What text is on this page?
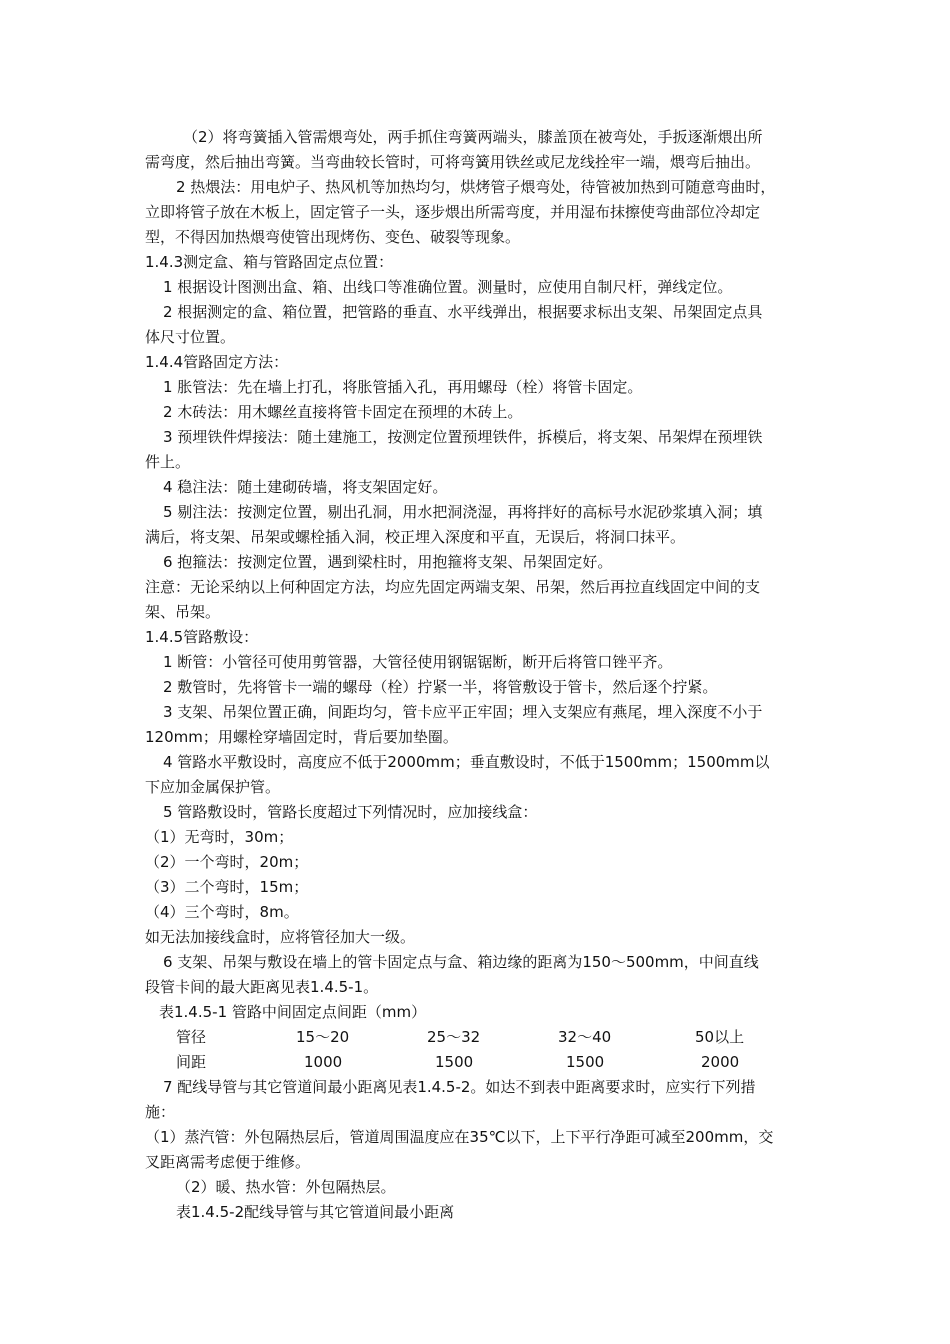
（2）将弯簧插入管需煨弯处，两手抓住弯簧两端头，膝盖顶在被弯处，手扳逐渐煨出所
需弯度，然后抽出弯簧。当弯曲较长管时，可将弯簧用铁丝或尼龙线拴牢一端，煨弯后抽出。
2 热煨法：用电炉子、热风机等加热均匀，烘烤管子煨弯处，待管被加热到可随意弯曲时，
立即将管子放在木板上，固定管子一头，逐步煨出所需弯度，并用湿布抹擦使弯曲部位冷却定
型，不得因加热煨弯使管出现烤伤、变色、破裂等现象。
1.4.3测定盒、箱与管路固定点位置：
1 根据设计图测出盒、箱、出线口等准确位置。测量时，应使用自制尺杆，弹线定位。
2 根据测定的盒、箱位置，把管路的垂直、水平线弹出，根据要求标出支架、吊架固定点具
体尺寸位置。
1.4.4管路固定方法：
1 胀管法：先在墙上打孔，将胀管插入孔，再用螺母（栓）将管卡固定。
2 木砖法：用木螺丝直接将管卡固定在预埋的木砖上。
3 预埋铁件焊接法：随土建施工，按测定位置预埋铁件，拆模后，将支架、吊架焊在预埋铁
件上。
4 稳注法：随土建砌砖墙，将支架固定好。
5 剔注法：按测定位置，剔出孔洞，用水把洞浇湿，再将拌好的高标号水泥砂浆填入洞；填
满后，将支架、吊架或螺栓插入洞，校正埋入深度和平直，无误后，将洞口抹平。
6 抱箍法：按测定位置，遇到梁柱时，用抱箍将支架、吊架固定好。
注意：无论采纳以上何种固定方法，均应先固定两端支架、吊架，然后再拉直线固定中间的支
架、吊架。
1.4.5管路敷设：
1 断管：小管径可使用剪管器，大管径使用钢锯锯断，断开后将管口锉平齐。
2 敷管时，先将管卡一端的螺母（栓）拧紧一半，将管敷设于管卡，然后逐个拧紧。
3 支架、吊架位置正确，间距均匀，管卡应平正牢固；埋入支架应有燕尾，埋入深度不小于
120mm；用螺栓穿墙固定时，背后要加垫圈。
4 管路水平敷设时，高度应不低于2000mm；垂直敷设时，不低于1500mm；1500mm以
下应加金属保护管。
5 管路敷设时，管路长度超过下列情况时，应加接线盒：
（1）无弯时，30m；
（2）一个弯时，20m；
（3）二个弯时，15m；
（4）三个弯时，8m。
如无法加接线盒时，应将管径加大一级。
6 支架、吊架与敷设在墙上的管卡固定点与盒、箱边缘的距离为150～500mm，中间直线
段管卡间的最大距离见表1.4.5-1。
表1.4.5-1 管路中间固定点间距（mm）
管径	15～20	25～32	32～40	50以上
间距	1000	1500	1500	2000
7 配线导管与其它管道间最小距离见表1.4.5-2。如达不到表中距离要求时，应实行下列措
施：
（1）蒸汽管：外包隔热层后，管道周围温度应在35℃以下，上下平行净距可减至200mm，交
叉距离需考虑便于维修。
（2）暖、热水管：外包隔热层。
表1.4.5-2配线导管与其它管道间最小距离
